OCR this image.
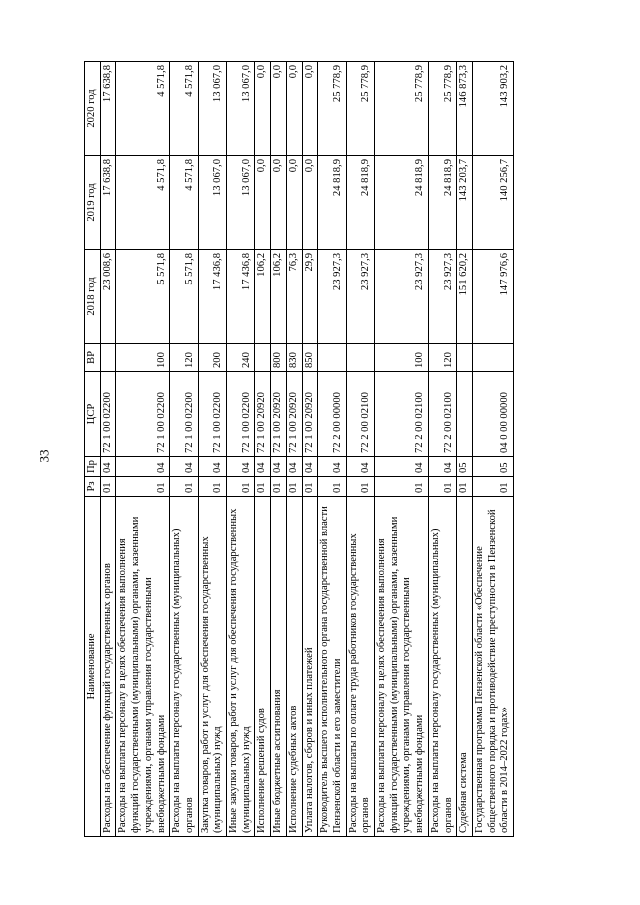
33
Наименование	Рз	Пр	ЦСР	ВР	2018 год	2019 год	2020 год
Расходы на обеспечение функций государственных органов	01	04	72 1 00 02200		23 008,6	17 638,8	17 638,8
Расходы на выплаты персоналу в целях обеспечения выполнения функций государственными (муниципальными) органами, казенными учреждениями, органами управления государственными внебюджетными фондами	01	04	72 1 00 02200	100	5 571,8	4 571,8	4 571,8
Расходы на выплаты персоналу государственных (муниципальных) органов	01	04	72 1 00 02200	120	5 571,8	4 571,8	4 571,8
Закупка товаров, работ и услуг для обеспечения государственных (муниципальных) нужд	01	04	72 1 00 02200	200	17 436,8	13 067,0	13 067,0
Иные закупки товаров, работ и услуг для обеспечения государственных (муниципальных) нужд	01	04	72 1 00 02200	240	17 436,8	13 067,0	13 067,0
Исполнение решений судов	01	04	72 1 00 20920		106,2	0,0	0,0
Иные бюджетные ассигнования	01	04	72 1 00 20920	800	106,2	0,0	0,0
Исполнение судебных актов	01	04	72 1 00 20920	830	76,3	0,0	0,0
Уплата налогов, сборов и иных платежей	01	04	72 1 00 20920	850	29,9	0,0	0,0
Руководитель высшего исполнительного органа государственной власти Пензенской области и его заместители	01	04	72 2 00 00000		23 927,3	24 818,9	25 778,9
Расходы на выплаты по оплате труда работников государственных органов	01	04	72 2 00 02100		23 927,3	24 818,9	25 778,9
Расходы на выплаты персоналу в целях обеспечения выполнения функций государственными (муниципальными) органами, казенными учреждениями, органами управления государственными внебюджетными фондами	01	04	72 2 00 02100	100	23 927,3	24 818,9	25 778,9
Расходы на выплаты персоналу государственных (муниципальных) органов	01	04	72 2 00 02100	120	23 927,3	24 818,9	25 778,9
Судебная система	01	05			151 620,2	143 203,7	146 873,3
Государственная программа Пензенской области «Обеспечение общественного порядка и противодействие преступности в Пензенской области в 2014–2022 годах»	01	05	04 0 00 00000		147 976,6	140 256,7	143 903,2
